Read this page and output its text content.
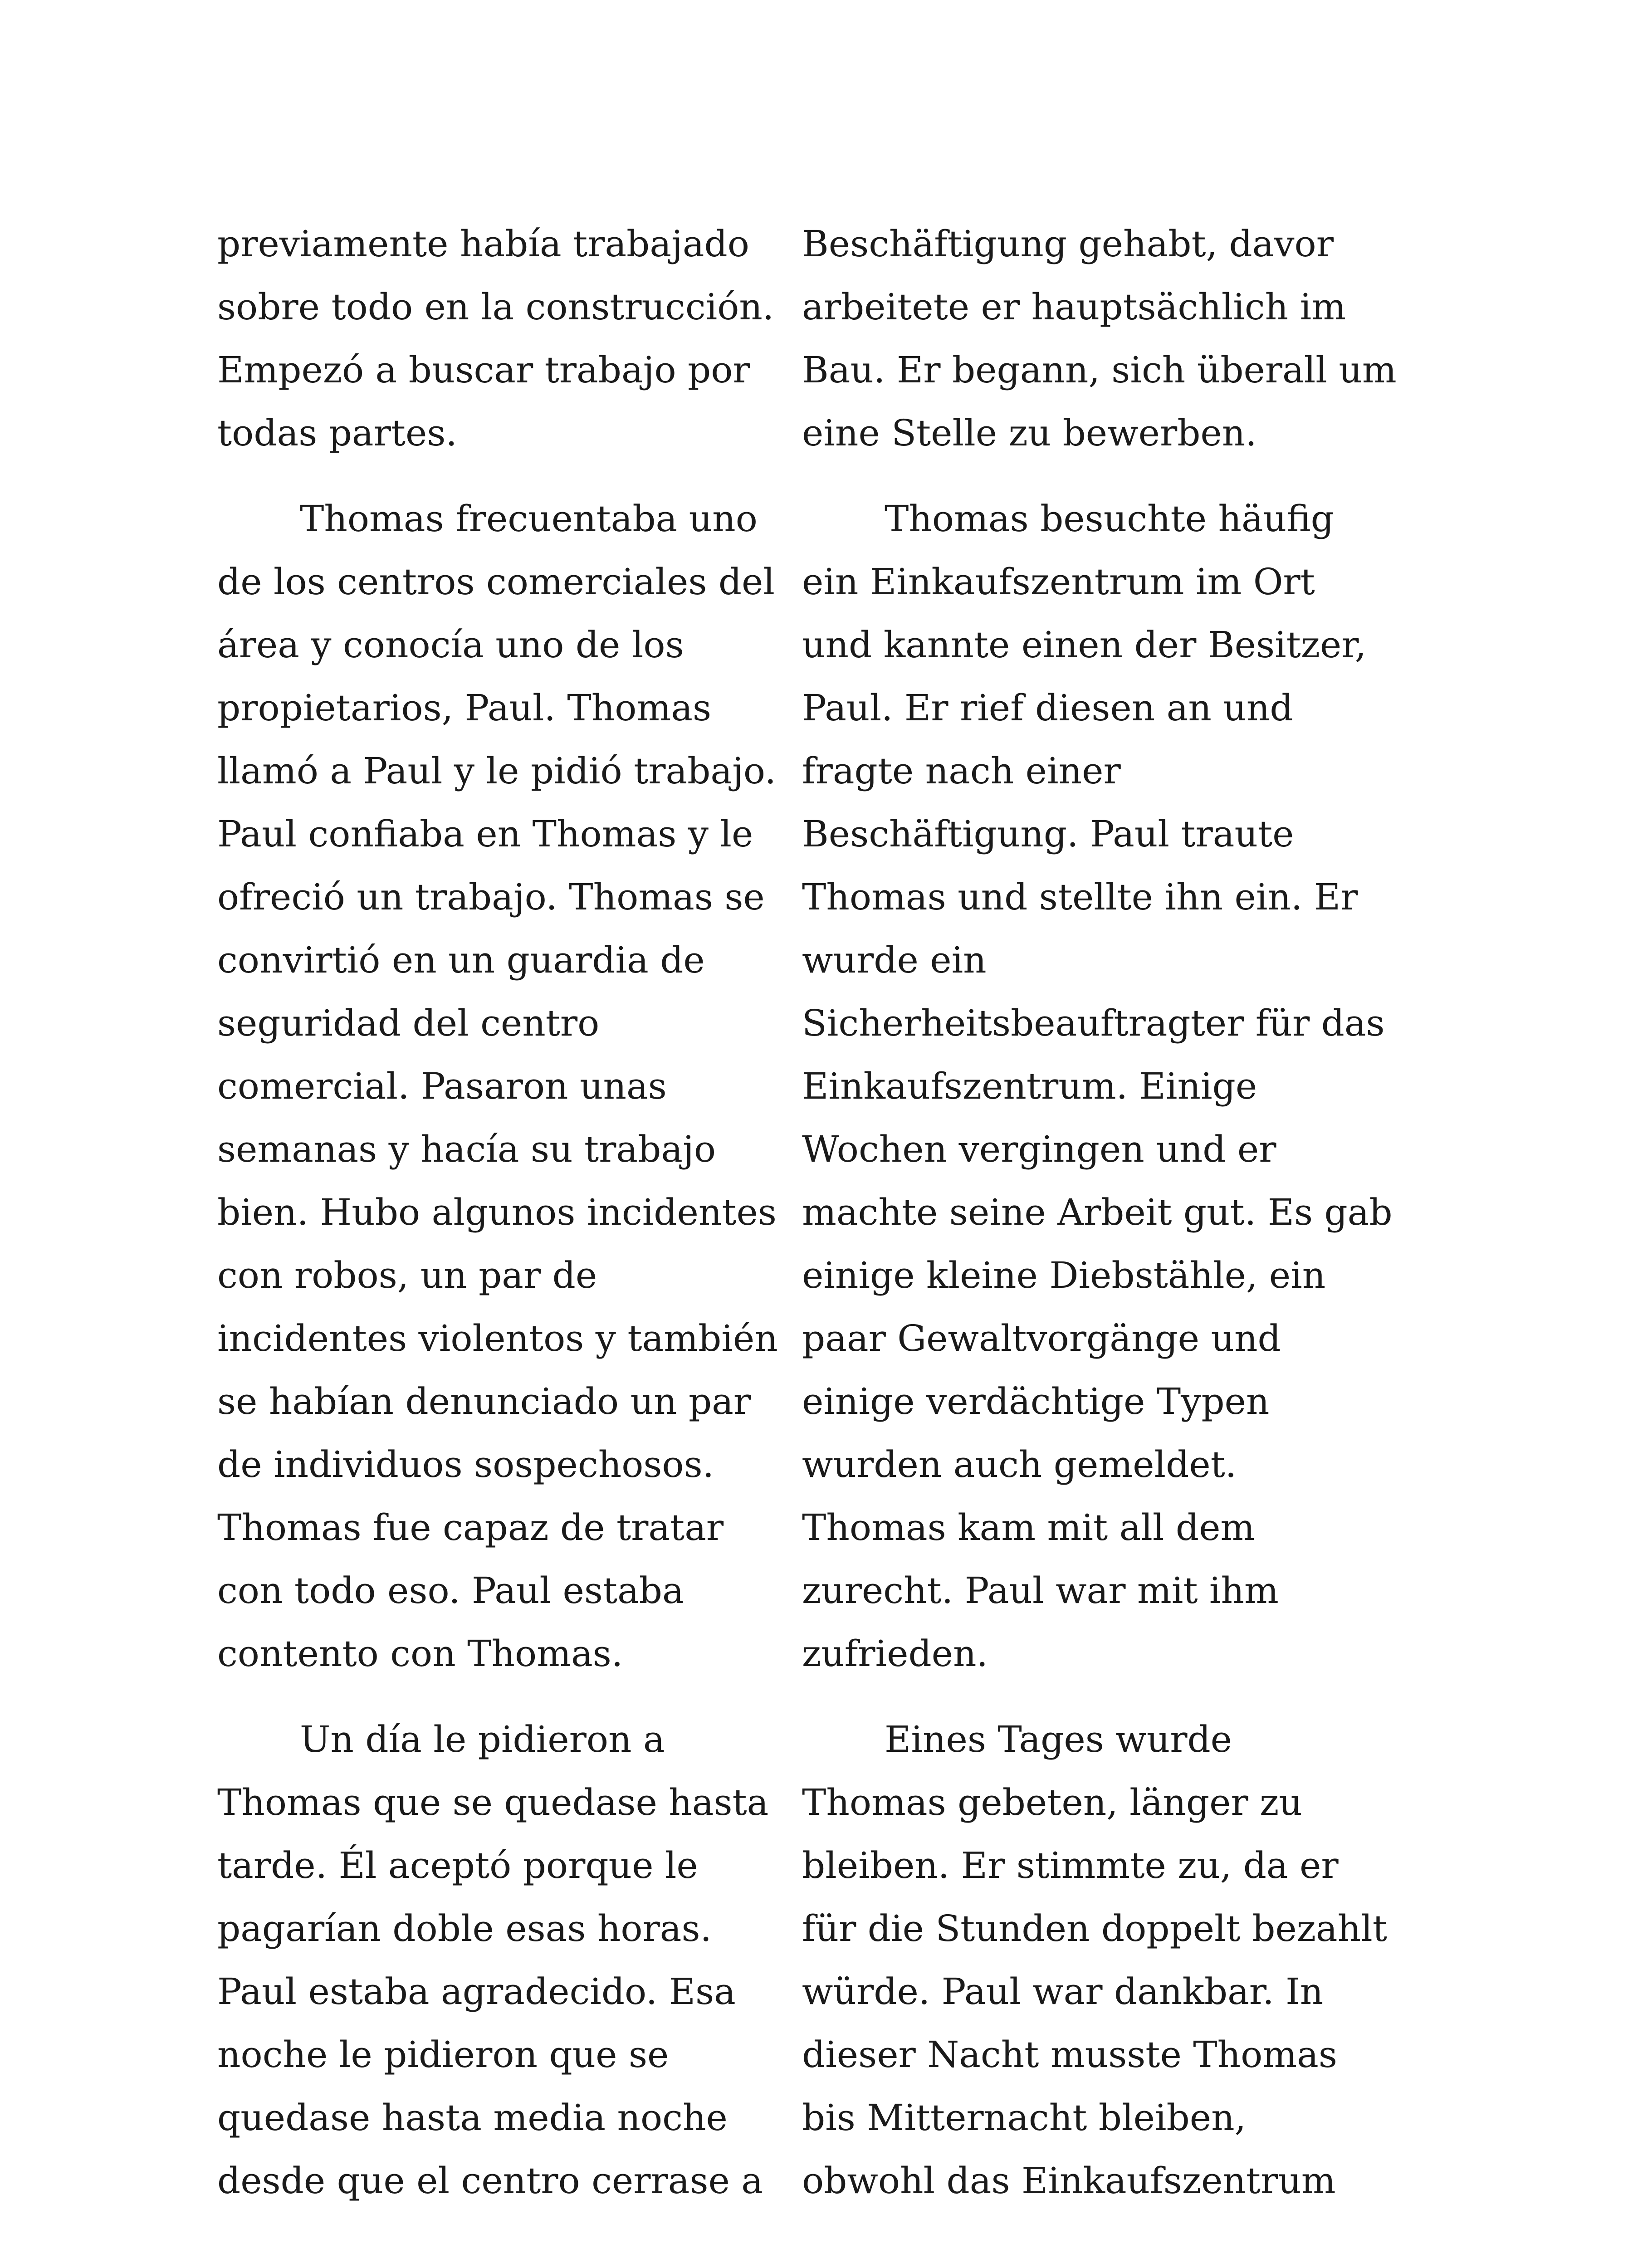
previamente había trabajado
sobre todo en la construcción.
Empezó a buscar trabajo por
todas partes.
Thomas frecuentaba uno
de los centros comerciales del
área y conocía uno de los
propietarios, Paul. Thomas
llamó a Paul y le pidió trabajo.
Paul confiaba en Thomas y le
ofreció un trabajo. Thomas se
convirtió en un guardia de
seguridad del centro
comercial. Pasaron unas
semanas y hacía su trabajo
bien. Hubo algunos incidentes
con robos, un par de
incidentes violentos y también
se habían denunciado un par
de individuos sospechosos.
Thomas fue capaz de tratar
con todo eso. Paul estaba
contento con Thomas.
Un día le pidieron a
Thomas que se quedase hasta
tarde. Él aceptó porque le
pagarían doble esas horas.
Paul estaba agradecido. Esa
noche le pidieron que se
quedase hasta media noche
desde que el centro cerrase a
Beschäftigung gehabt, davor
arbeitete er hauptsächlich im
Bau. Er begann, sich überall um
eine Stelle zu bewerben.
Thomas besuchte häufig
ein Einkaufszentrum im Ort
und kannte einen der Besitzer,
Paul. Er rief diesen an und
fragte nach einer
Beschäftigung. Paul traute
Thomas und stellte ihn ein. Er
wurde ein
Sicherheitsbeauftragter für das
Einkaufszentrum. Einige
Wochen vergingen und er
machte seine Arbeit gut. Es gab
einige kleine Diebstähle, ein
paar Gewaltvorgänge und
einige verdächtige Typen
wurden auch gemeldet.
Thomas kam mit all dem
zurecht. Paul war mit ihm
zufrieden.
Eines Tages wurde
Thomas gebeten, länger zu
bleiben. Er stimmte zu, da er
für die Stunden doppelt bezahlt
würde. Paul war dankbar. In
dieser Nacht musste Thomas
bis Mitternacht bleiben,
obwohl das Einkaufszentrum
